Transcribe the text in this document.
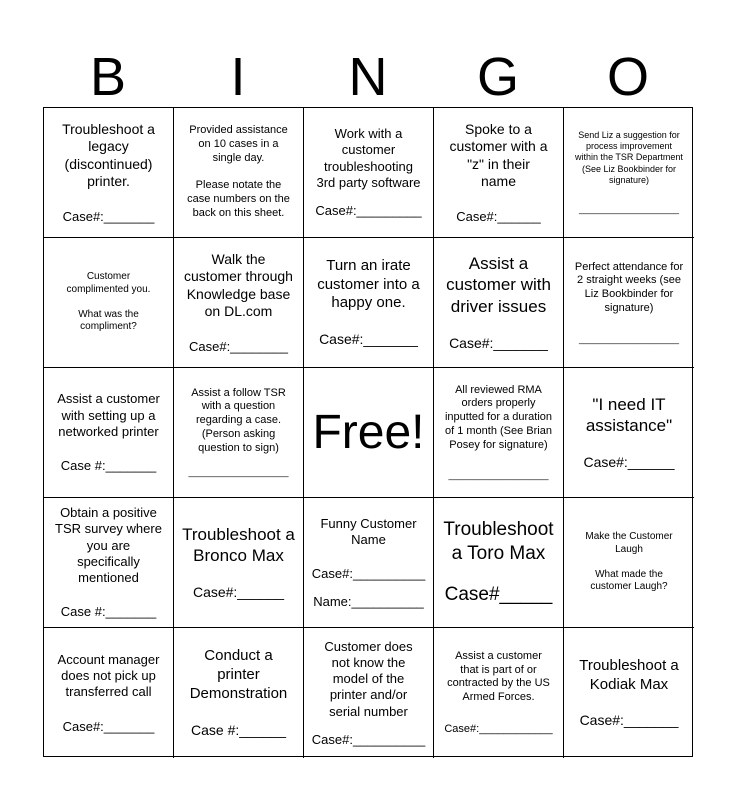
B	I	N	G	O
Troubleshoot a
legacy
(discontinued)
printer.
Case#:_______
Provided assistance
on 10 cases in a
single day.

Please notate the
case numbers on the
back on this sheet.
Work with a
customer
troubleshooting
3rd party software
Case#:_________
Spoke to a
customer with a
"z" in their
name
Case#:______
Send Liz a suggestion for
process improvement
within the TSR Department
(See Liz Bookbinder for
signature)
____________________
Customer
complimented you.

What was the
compliment?
Walk the
customer through
Knowledge base
on DL.com
Case#:________
Turn an irate
customer into a
happy one.
Case#:_______
Assist a
customer with
driver issues
Case#:_______
Perfect attendance for
2 straight weeks (see
Liz Bookbinder for
signature)
____________________
Assist a customer
with setting up a
networked printer
Case #:_______
Assist a follow TSR
with a question
regarding a case.
(Person asking
question to sign)
____________________
Free!
All reviewed RMA
orders properly
inputted for a duration
of 1 month (See Brian
Posey for signature)
____________________
"I need IT
assistance"
Case#:______
Obtain a positive
TSR survey where
you are
specifically
mentioned
Case #:_______
Troubleshoot a
Bronco Max
Case#:______
Funny Customer
Name
Case#:__________
Name:__________
Troubleshoot
a Toro Max
Case#_____
Make the Customer
Laugh

What made the
customer Laugh?
Account manager
does not pick up
transferred call
Case#:_______
Conduct a
printer
Demonstration
Case #:______
Customer does
not know the
model of the
printer and/or
serial number
Case#:__________
Assist a customer
that is part of or
contracted by the US
Armed Forces.
Case#:____________
Troubleshoot a
Kodiak Max
Case#:_______
